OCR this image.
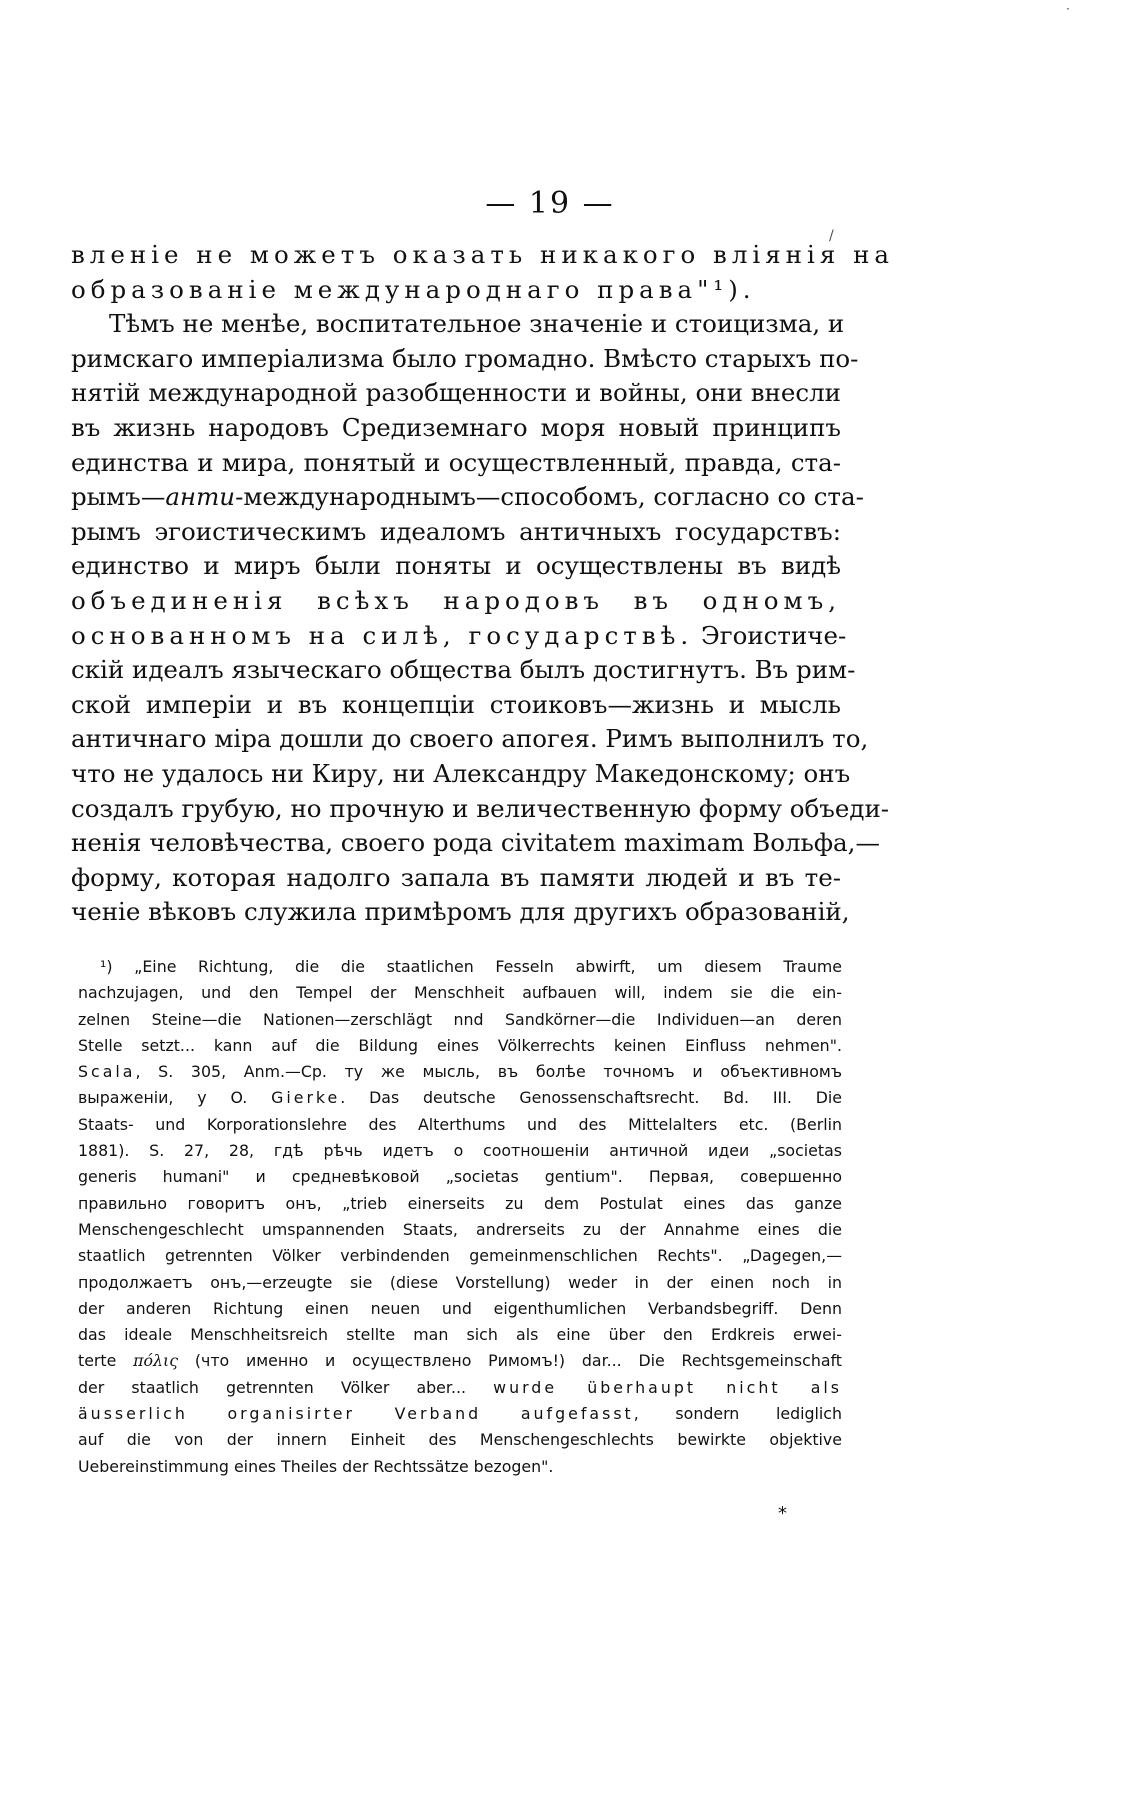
— 19 —
вленiе не можетъ оказать никакого влiянiя на
образованiе международнаго права"¹).
Тѣмъ не менѣе, воспитательное значенiе и стоицизма, и
римскаго имперiализма было громадно. Вмѣсто старыхъ по-
нятiй международной разобщенности и войны, они внесли
въ жизнь народовъ Средиземнаго моря новый принципъ
единства и мира, понятый и осуществленный, правда, ста-
рымъ—анти-международнымъ—способомъ, согласно со ста-
рымъ эгоистическимъ идеаломъ античныхъ государствъ:
единство и миръ были поняты и осуществлены въ видѣ
объединенiя всѣхъ народовъ въ одномъ,
основанномъ на силѣ, государствѣ. Эгоистиче-
скiй идеалъ языческаго общества былъ достигнутъ. Въ рим-
ской имперiи и въ концепцiи стоиковъ—жизнь и мысль
античнаго мiра дошли до своего апогея. Римъ выполнилъ то,
что не удалось ни Киру, ни Александру Македонскому; онъ
создалъ грубую, но прочную и величественную форму объеди-
ненiя человѣчества, своего рода civitatem maximam Вольфа,—
форму, которая надолго запала въ памяти людей и въ те-
ченiе вѣковъ служила примѣромъ для другихъ образованiй,
¹) „Eine Richtung, die die staatlichen Fesseln abwirft, um diesem Traume
nachzujagen, und den Tempel der Menschheit aufbauen will, indem sie die ein-
zelnen Steine—die Nationen—zerschlägt nnd Sandkörner—die Individuen—an deren
Stelle setzt... kann auf die Bildung eines Völkerrechts keinen Einfluss nehmen".
Scala, S. 305, Anm.—Ср. ту же мысль, въ болѣе точномъ и объективномъ
выраженiи, у O. Gierke. Das deutsche Genossenschaftsrecht. Bd. III. Die
Staats- und Korporationslehre des Alterthums und des Mittelalters etc. (Berlin
1881). S. 27, 28, гдѣ рѣчь идетъ о соотношенiи античной идеи „societas
generis humani" и средневѣковой „societas gentium". Первая, совершенно
правильно говоритъ онъ, „trieb einerseits zu dem Postulat eines das ganze
Menschengeschlecht umspannenden Staats, andrerseits zu der Annahme eines die
staatlich getrennten Völker verbindenden gemeinmenschlichen Rechts". „Dagegen,—
продолжаетъ онъ,—erzeugte sie (diese Vorstellung) weder in der einen noch in
der anderen Richtung einen neuen und eigenthumlichen Verbandsbegriff. Denn
das ideale Menschheitsreich stellte man sich als eine über den Erdkreis erwei-
terte πόλις (что именно и осуществлено Римомъ!) dar... Die Rechtsgemeinschaft
der staatlich getrennten Völker aber... wurde überhaupt nicht als
äusserlich organisirter Verband aufgefasst, sondern lediglich
auf die von der innern Einheit des Menschengeschlechts bewirkte objektive
Uebereinstimmung eines Theiles der Rechtssätze bezogen".
*
/
·
